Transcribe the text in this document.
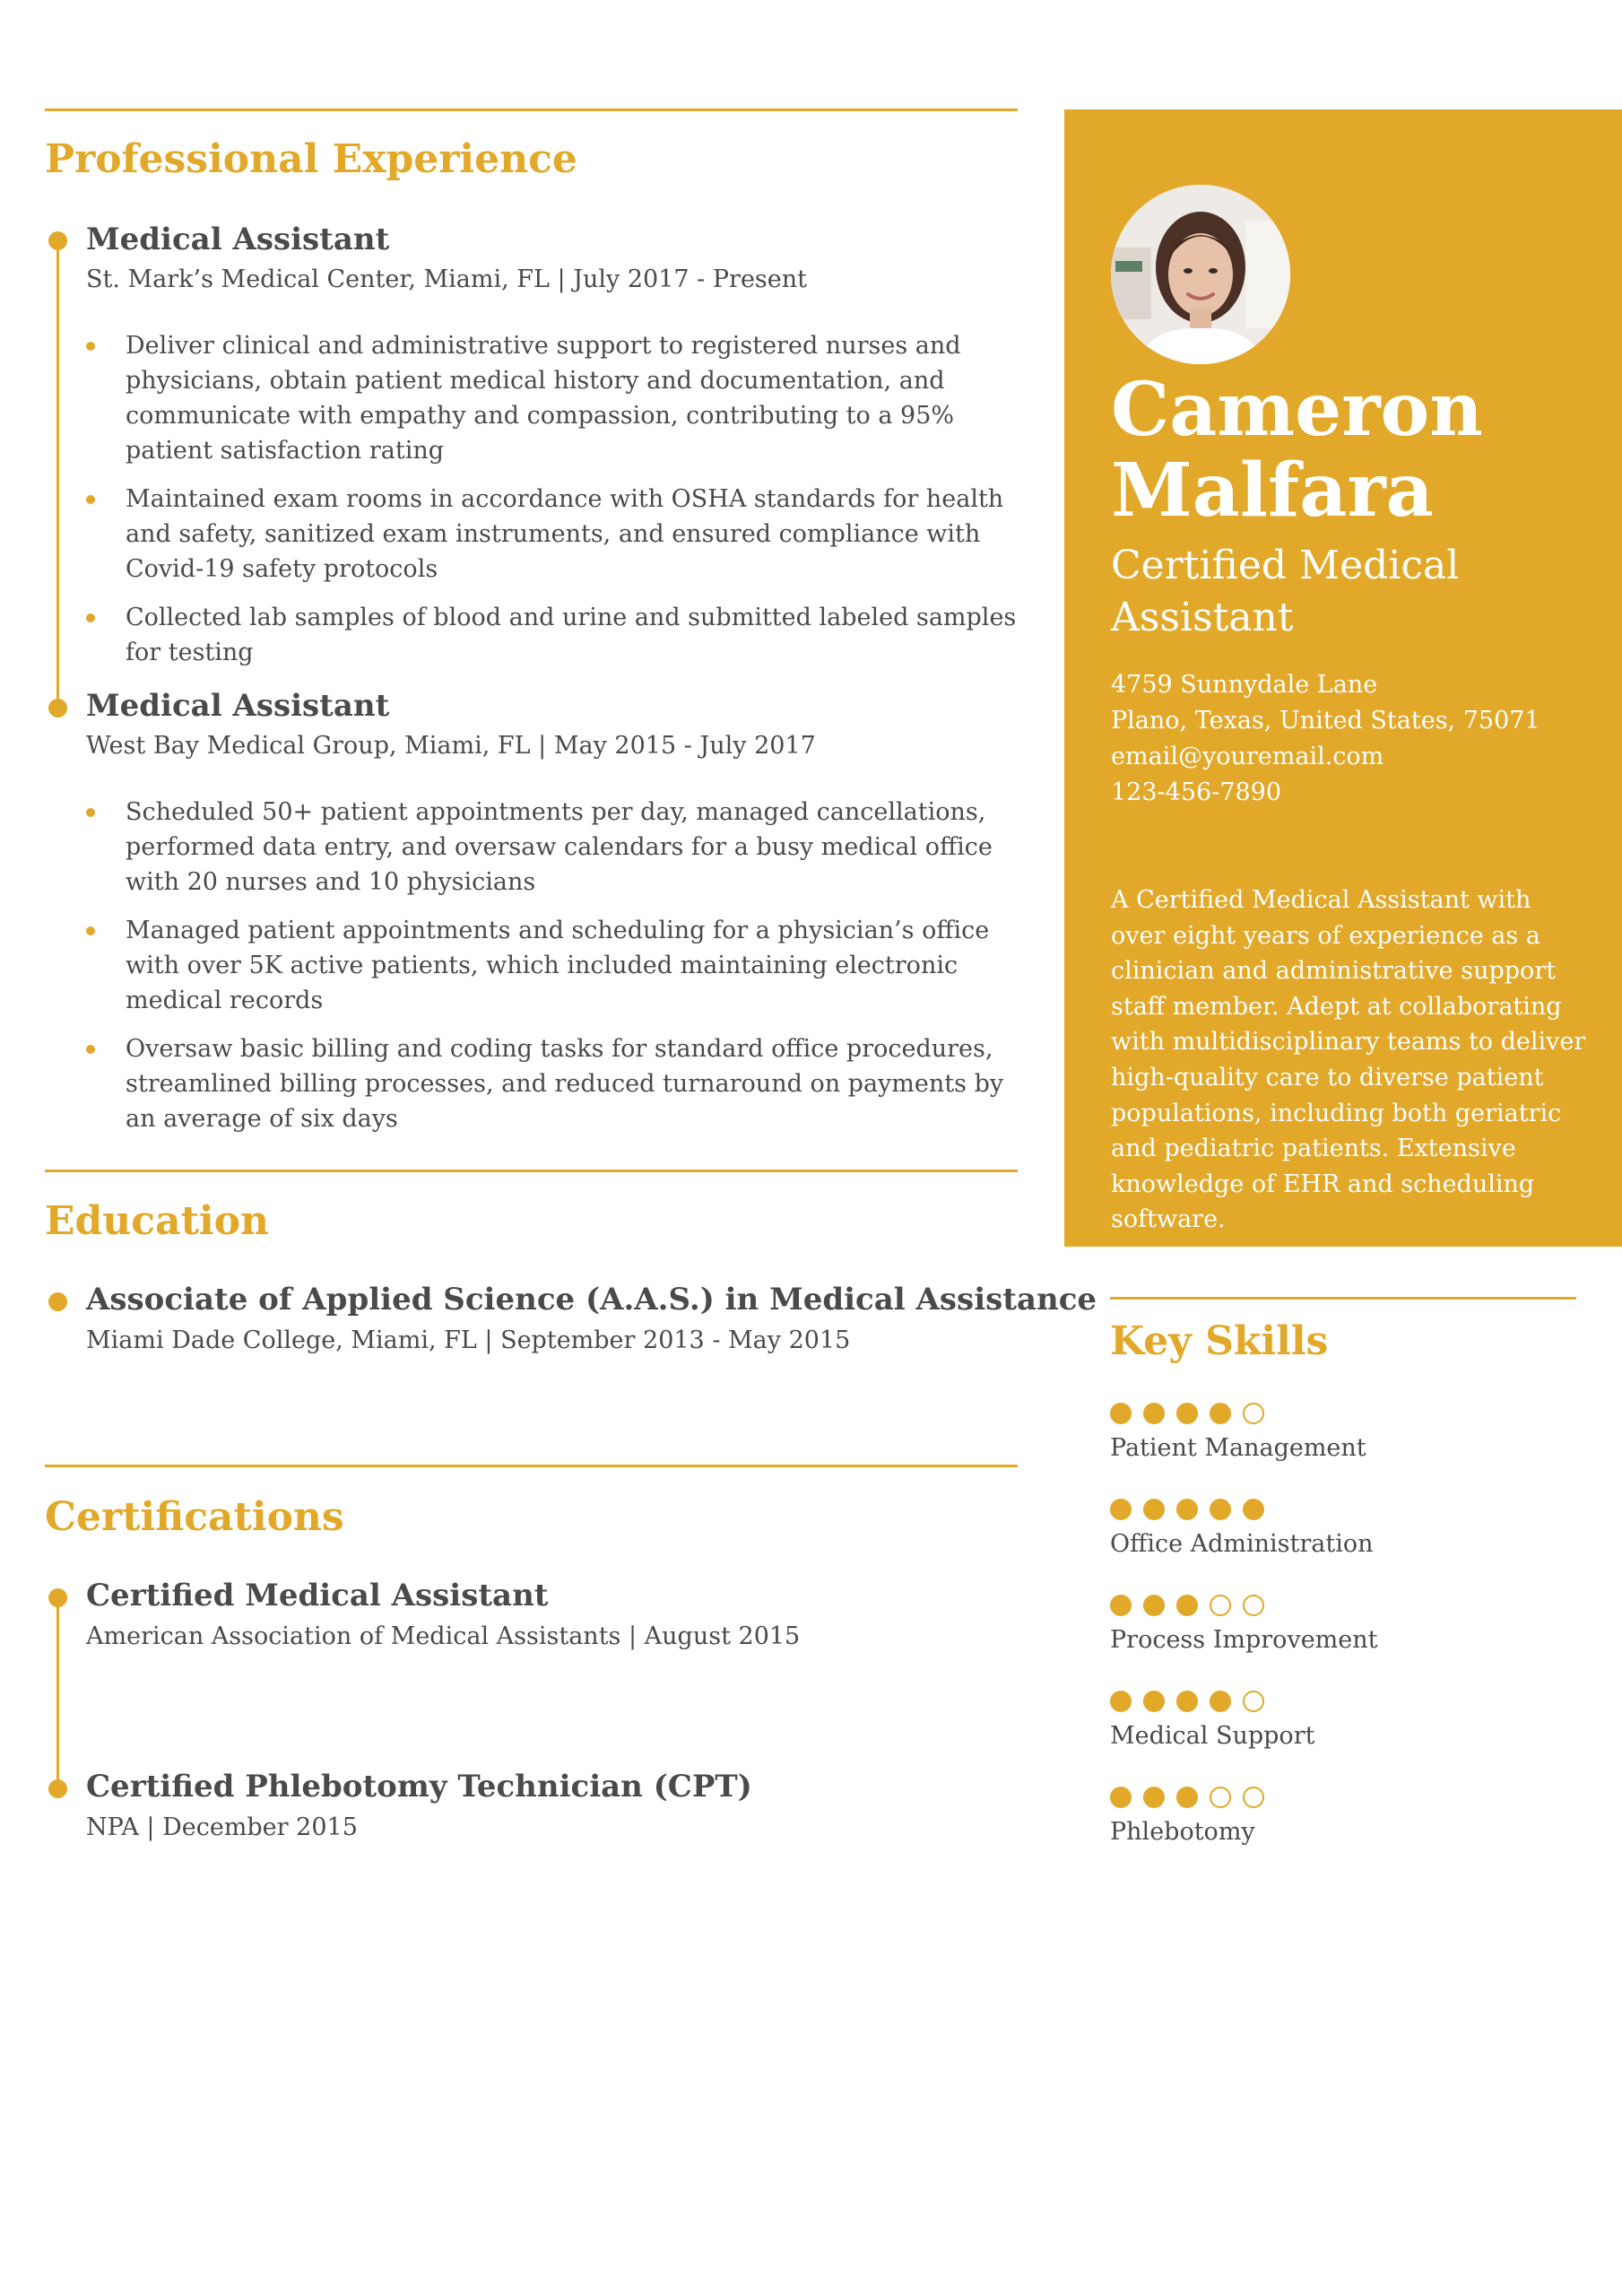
Professional Experience
Medical Assistant

St. Mark’s Medical Center, Miami, FL | July 2017 - Present

Deliver clinical and administrative support to registered nurses and physicians, obtain patient medical history and documentation, and communicate with empathy and compassion, contributing to a 95% patient satisfaction rating
Maintained exam rooms in accordance with OSHA standards for health and safety, sanitized exam instruments, and ensured compliance with Covid-19 safety protocols
Collected lab samples of blood and urine and submitted labeled samples for testing
Medical Assistant

West Bay Medical Group, Miami, FL | May 2015 - July 2017

Scheduled 50+ patient appointments per day, managed cancellations, performed data entry, and oversaw calendars for a busy medical office with 20 nurses and 10 physicians
Managed patient appointments and scheduling for a physician’s office with over 5K active patients, which included maintaining electronic medical records
Oversaw basic billing and coding tasks for standard office procedures, streamlined billing processes, and reduced turnaround on payments by an average of six days
Education
Associate of Applied Science (A.A.S.) in Medical Assistance

Miami Dade College, Miami, FL | September 2013 - May 2015

Certifications
Certified Medical Assistant

American Association of Medical Assistants | August 2015

Certified Phlebotomy Technician (CPT)

NPA | December 2015

Cameron
Malfara

Certified Medical Assistant

4759 Sunnydale Lane
Plano, Texas, United States, 75071
email@youremail.com
123-456-7890

A Certified Medical Assistant with over eight years of experience as a clinician and administrative support staff member. Adept at collaborating with multidisciplinary teams to deliver high-quality care to diverse patient populations, including both geriatric and pediatric patients. Extensive knowledge of EHR and scheduling software.

Key Skills
Patient Management
Office Administration
Process Improvement
Medical Support
Phlebotomy
